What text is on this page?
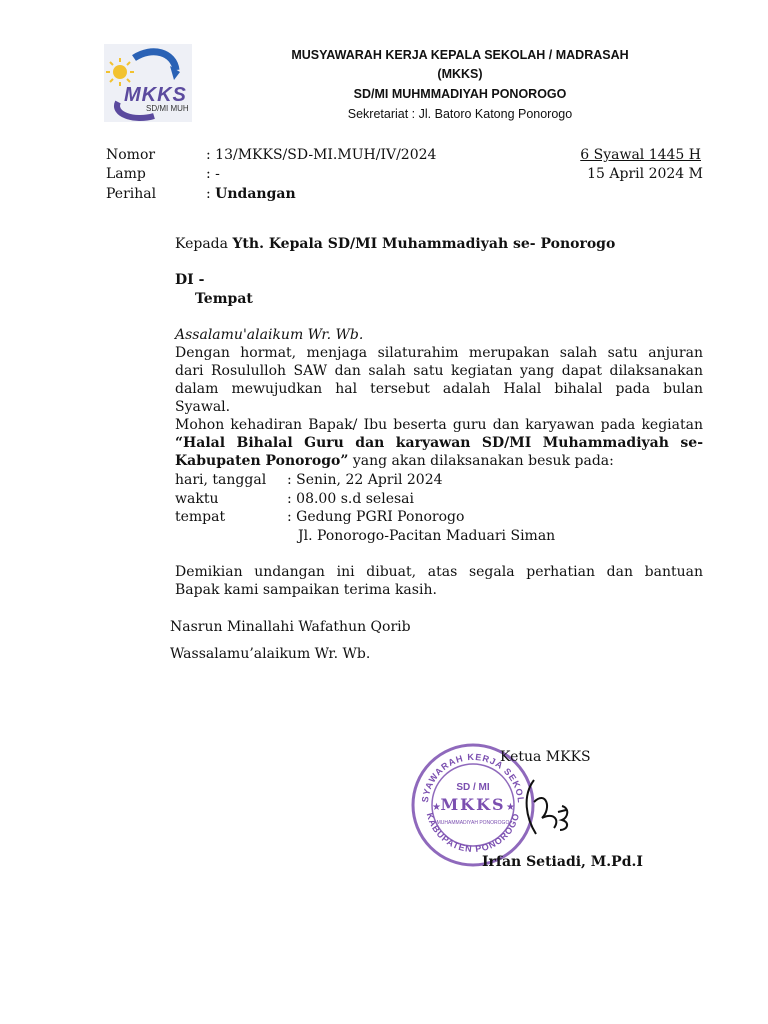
MKKS
SD/MI MUH
MUSYAWARAH KERJA KEPALA SEKOLAH / MADRASAH
(MKKS)
SD/MI MUHMMADIYAH PONOROGO
Sekretariat : Jl. Batoro Katong Ponorogo
Nomor	: 13/MKKS/SD-MI.MUH/IV/2024
Lamp	: -
Perihal	: Undangan
6 Syawal 1445 H
15 April 2024 M
Kepada Yth. Kepala SD/MI Muhammadiyah se- Ponorogo
DI -
Tempat
Assalamu'alaikum Wr. Wb.
Dengan hormat, menjaga silaturahim merupakan salah satu anjuran
dari Rosululloh SAW dan salah satu kegiatan yang dapat dilaksanakan
dalam mewujudkan hal tersebut adalah Halal bihalal pada bulan
Syawal.
Mohon kehadiran Bapak/ Ibu beserta guru dan karyawan pada kegiatan
“Halal Bihalal Guru dan karyawan SD/MI Muhammadiyah se-
Kabupaten Ponorogo” yang akan dilaksanakan besuk pada:
hari, tanggal : Senin, 22 April 2024
waktu	: 08.00 s.d selesai
tempat	: Gedung PGRI Ponorogo
Jl. Ponorogo-Pacitan Maduari Siman
Demikian undangan ini dibuat, atas segala perhatian dan bantuan
Bapak kami sampaikan terima kasih.
Nasrun Minallahi Wafathun Qorib
Wassalamu’alaikum Wr. Wb.
SYAWARAH KERJA SEKOL
KABUPATEN PONOROGO
SD / MI
MKKS
MUHAMMADIYAH PONOROGO
★	★
Ketua MKKS
Irfan Setiadi, M.Pd.I
